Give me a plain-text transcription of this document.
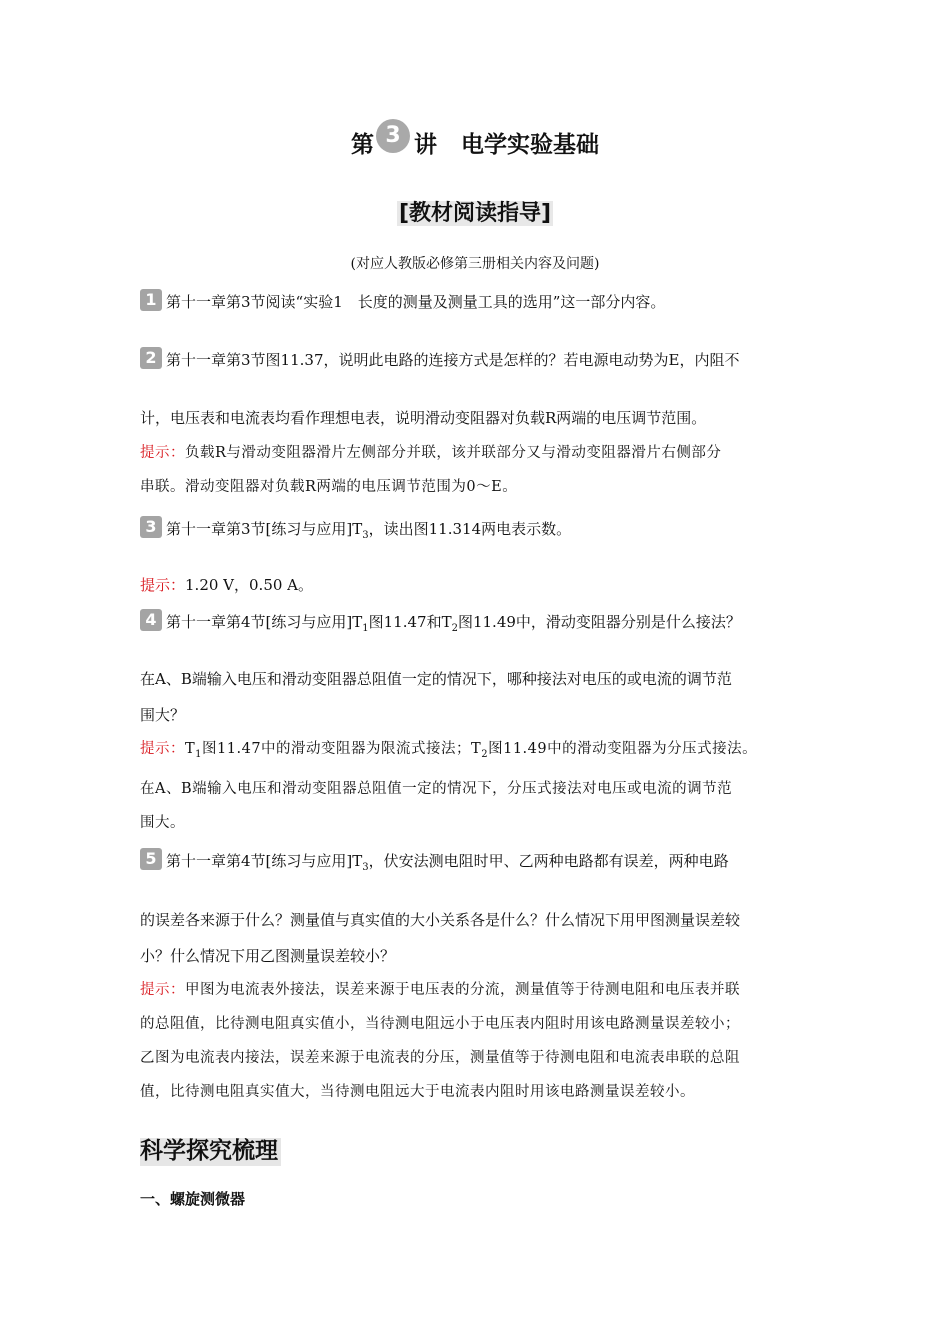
第 3 讲 电学实验基础
[教材阅读指导]
(对应人教版必修第三册相关内容及问题)
1 第十一章第3节阅读“实验1　长度的测量及测量工具的选用”这一部分内容。
2 第十一章第3节图11.37，说明此电路的连接方式是怎样的？若电源电动势为E，内阻不
计，电压表和电流表均看作理想电表，说明滑动变阻器对负载R两端的电压调节范围。
提示：负载R与滑动变阻器滑片左侧部分并联，该并联部分又与滑动变阻器滑片右侧部分
串联。滑动变阻器对负载R两端的电压调节范围为0～E。
3 第十一章第3节[练习与应用]$T_3$，读出图11.314两电表示数。
提示：1.20 V，0.50 A。
4 第十一章第4节[练习与应用]$T_1$图11.47和$T_2$图11.49中，滑动变阻器分别是什么接法？
在A、B端输入电压和滑动变阻器总阻值一定的情况下，哪种接法对电压的或电流的调节范
围大？
提示：$T_1$图11.47中的滑动变阻器为限流式接法；$T_2$图11.49中的滑动变阻器为分压式接法。
在A、B端输入电压和滑动变阻器总阻值一定的情况下，分压式接法对电压或电流的调节范
围大。
5 第十一章第4节[练习与应用]$T_3$，伏安法测电阻时甲、乙两种电路都有误差，两种电路
的误差各来源于什么？测量值与真实值的大小关系各是什么？什么情况下用甲图测量误差较
小？什么情况下用乙图测量误差较小？
提示：甲图为电流表外接法，误差来源于电压表的分流，测量值等于待测电阻和电压表并联
的总阻值，比待测电阻真实值小，当待测电阻远小于电压表内阻时用该电路测量误差较小；
乙图为电流表内接法，误差来源于电流表的分压，测量值等于待测电阻和电流表串联的总阻
值，比待测电阻真实值大，当待测电阻远大于电流表内阻时用该电路测量误差较小。
科学探究梳理
一、螺旋测微器
